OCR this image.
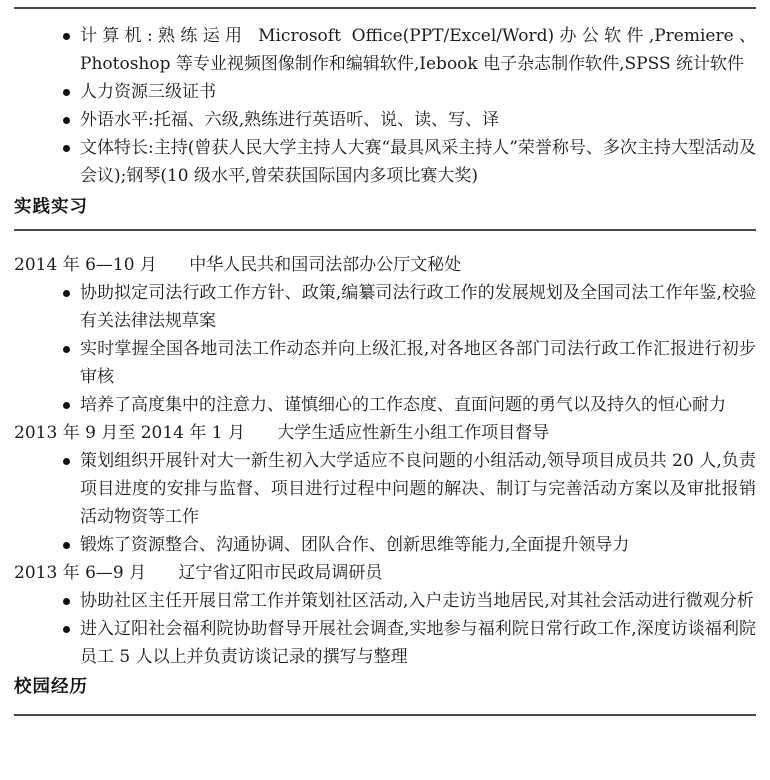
计算机:熟练运用 Microsoft Office(PPT/Excel/Word)办公软件,Premiere、Photoshop 等专业视频图像制作和编辑软件,Iebook 电子杂志制作软件,SPSS 统计软件
人力资源三级证书
外语水平:托福、六级,熟练进行英语听、说、读、写、译
文体特长:主持(曾获人民大学主持人大赛“最具风采主持人”荣誉称号、多次主持大型活动及会议);钢琴(10 级水平,曾荣获国际国内多项比赛大奖)
实践实习
2014 年 6—10 月 中华人民共和国司法部办公厅文秘处
协助拟定司法行政工作方针、政策,编纂司法行政工作的发展规划及全国司法工作年鉴,校验有关法律法规草案
实时掌握全国各地司法工作动态并向上级汇报,对各地区各部门司法行政工作汇报进行初步审核
培养了高度集中的注意力、谨慎细心的工作态度、直面问题的勇气以及持久的恒心耐力
2013 年 9 月至 2014 年 1 月 大学生适应性新生小组工作项目督导
策划组织开展针对大一新生初入大学适应不良问题的小组活动,领导项目成员共 20 人,负责项目进度的安排与监督、项目进行过程中问题的解决、制订与完善活动方案以及审批报销活动物资等工作
锻炼了资源整合、沟通协调、团队合作、创新思维等能力,全面提升领导力
2013 年 6—9 月 辽宁省辽阳市民政局调研员
协助社区主任开展日常工作并策划社区活动,入户走访当地居民,对其社会活动进行微观分析
进入辽阳社会福利院协助督导开展社会调查,实地参与福利院日常行政工作,深度访谈福利院员工 5 人以上并负责访谈记录的撰写与整理
校园经历
